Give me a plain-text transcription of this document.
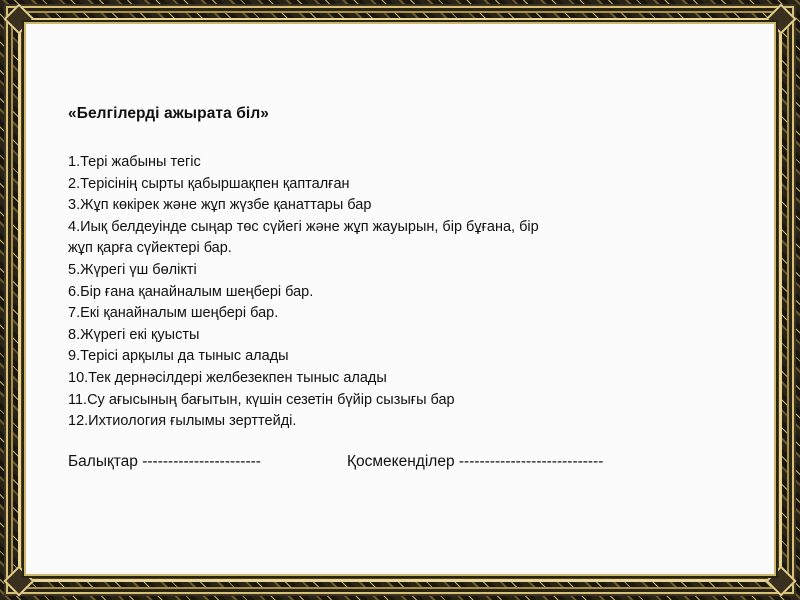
«Белгілерді ажырата біл»
1.Тері жабыны тегіс
2.Терісінің сырты қабыршақпен қапталған
3.Жұп көкірек және жұп жүзбе қанаттары бар
4.Иық белдеуінде сыңар төс сүйегі және жұп жауырын, бір бұғана, бір
жұп қарға сүйектері бар.
5.Жүрегі үш бөлікті
6.Бір ғана қанайналым шеңбері бар.
7.Екі қанайналым шеңбері бар.
8.Жүрегі екі қуысты
9.Терісі арқылы да тыныс алады
10.Тек дернәсілдері желбезекпен тыныс алады
11.Су ағысының бағытын, күшін сезетін бүйір сызығы бар
12.Ихтиология ғылымы зерттейді.
Балықтар -----------------------	Қосмекенділер ----------------------------
